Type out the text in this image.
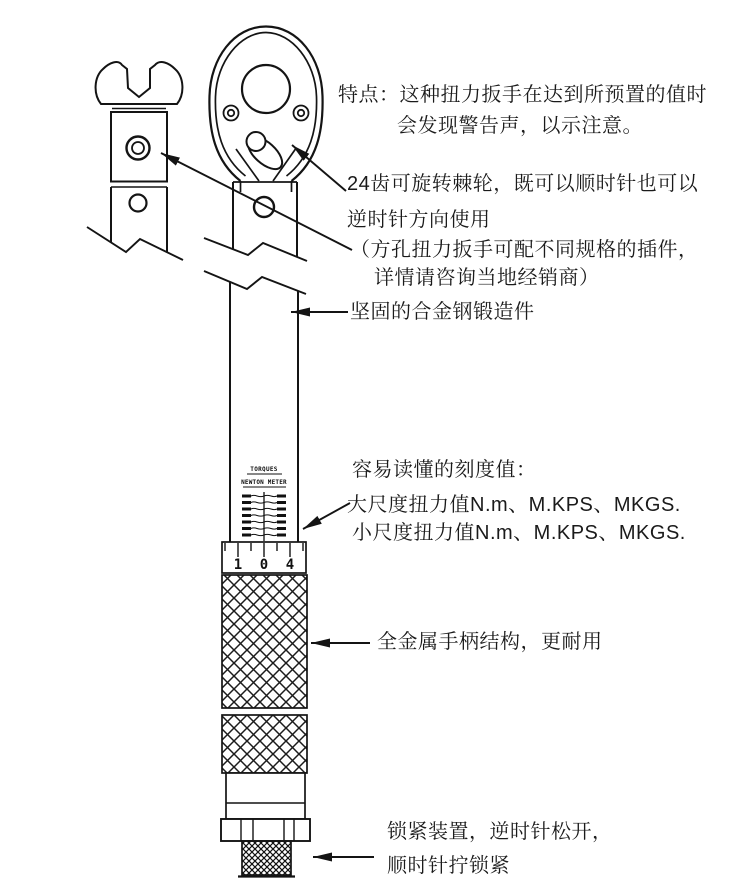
TORQUES
NEWTON METER
1 0 4
特点：这种扭力扳手在达到所预置的值时
会发现警告声，以示注意。
24齿可旋转棘轮，既可以顺时针也可以
逆时针方向使用
（方孔扭力扳手可配不同规格的插件，
详情请咨询当地经销商）
坚固的合金钢锻造件
容易读懂的刻度值：
大尺度扭力值N.m、M.KPS、MKGS.
小尺度扭力值N.m、M.KPS、MKGS.
全金属手柄结构，更耐用
锁紧装置，逆时针松开，
顺时针拧锁紧
